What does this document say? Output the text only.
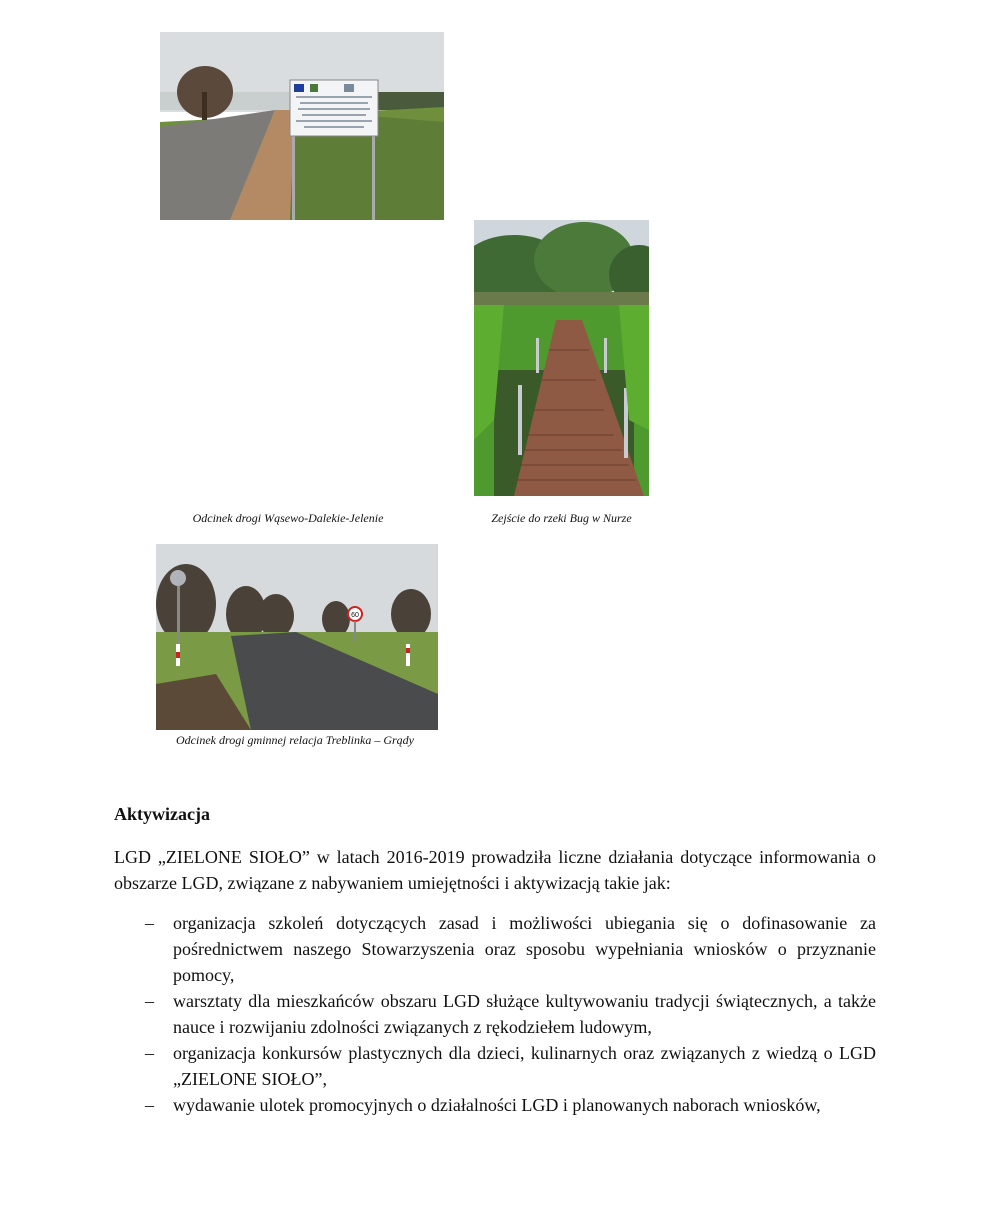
Odcinek drogi Wąsewo-Dalekie-Jelenie	Zejście do rzeki Bug w Nurze
60
Odcinek drogi gminnej relacja Treblinka – Grądy
Aktywizacja
LGD „ZIELONE SIOŁO” w latach 2016-2019 prowadziła liczne działania dotyczące informowania o obszarze LGD, związane z nabywaniem umiejętności i aktywizacją takie jak:
– organizacja szkoleń dotyczących zasad i możliwości ubiegania się o dofinasowanie za pośrednictwem naszego Stowarzyszenia oraz sposobu wypełniania wniosków o przyznanie pomocy,
– warsztaty dla mieszkańców obszaru LGD służące kultywowaniu tradycji świątecznych, a także nauce i rozwijaniu zdolności związanych z rękodziełem ludowym,
– organizacja konkursów plastycznych dla dzieci, kulinarnych oraz związanych z wiedzą o LGD „ZIELONE SIOŁO”,
– wydawanie ulotek promocyjnych o działalności LGD i planowanych naborach wniosków,
